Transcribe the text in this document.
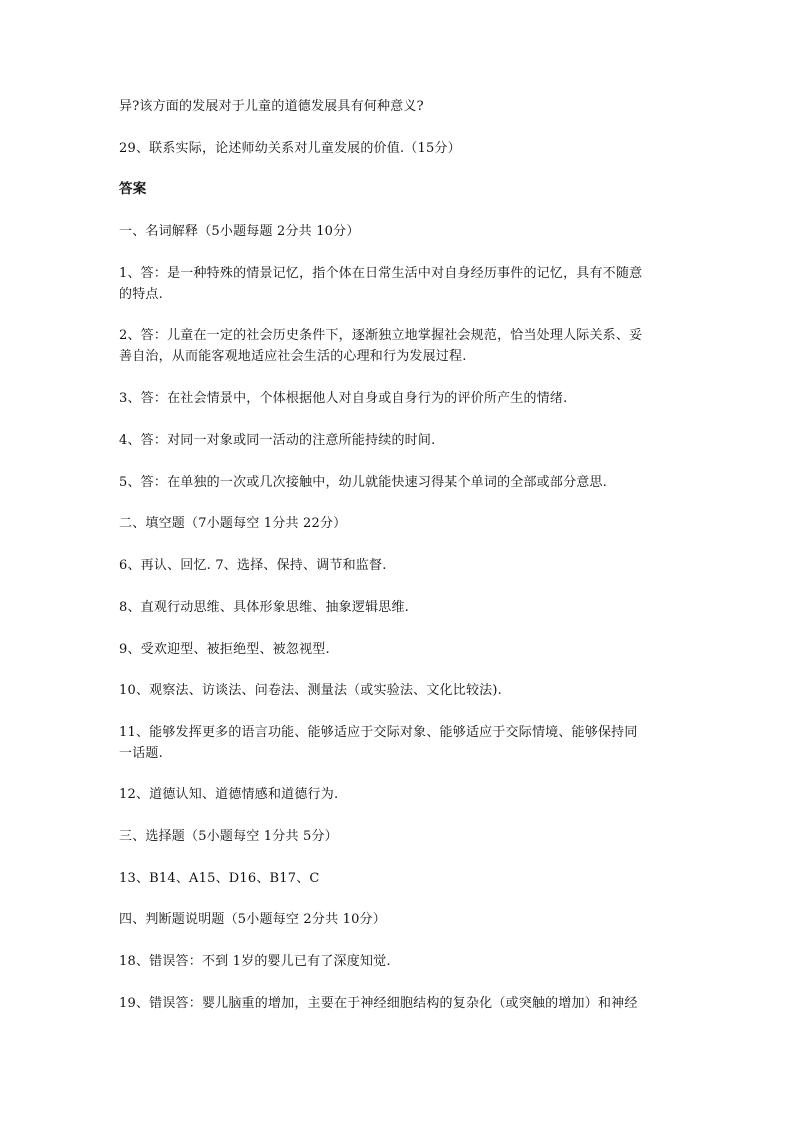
异?该方面的发展对于儿童的道德发展具有何种意义?
29、联系实际，论述师幼关系对儿童发展的价值.（15分）
答案
一、名词解释（5小题每题 2分共 10分）
1、答：是一种特殊的情景记忆，指个体在日常生活中对自身经历事件的记忆，具有不随意
的特点.
2、答：儿童在一定的社会历史条件下，逐渐独立地掌握社会规范，恰当处理人际关系、妥
善自治，从而能客观地适应社会生活的心理和行为发展过程.
3、答：在社会情景中，个体根据他人对自身或自身行为的评价所产生的情绪.
4、答：对同一对象或同一活动的注意所能持续的时间.
5、答：在单独的一次或几次接触中，幼儿就能快速习得某个单词的全部或部分意思.
二、填空题（7小题每空 1分共 22分）
6、再认、回忆. 7、选择、保持、调节和监督.
8、直观行动思维、具体形象思维、抽象逻辑思维.
9、受欢迎型、被拒绝型、被忽视型.
10、观察法、访谈法、问卷法、测量法（或实验法、文化比较法).
11、能够发挥更多的语言功能、能够适应于交际对象、能够适应于交际情境、能够保持同
一话题.
12、道德认知、道德情感和道德行为.
三、选择题（5小题每空 1分共 5分）
13、B14、A15、D16、B17、C
四、判断题说明题（5小题每空 2分共 10分）
18、错误答：不到 1岁的婴儿已有了深度知觉.
19、错误答：婴儿脑重的增加，主要在于神经细胞结构的复杂化（或突触的增加）和神经
